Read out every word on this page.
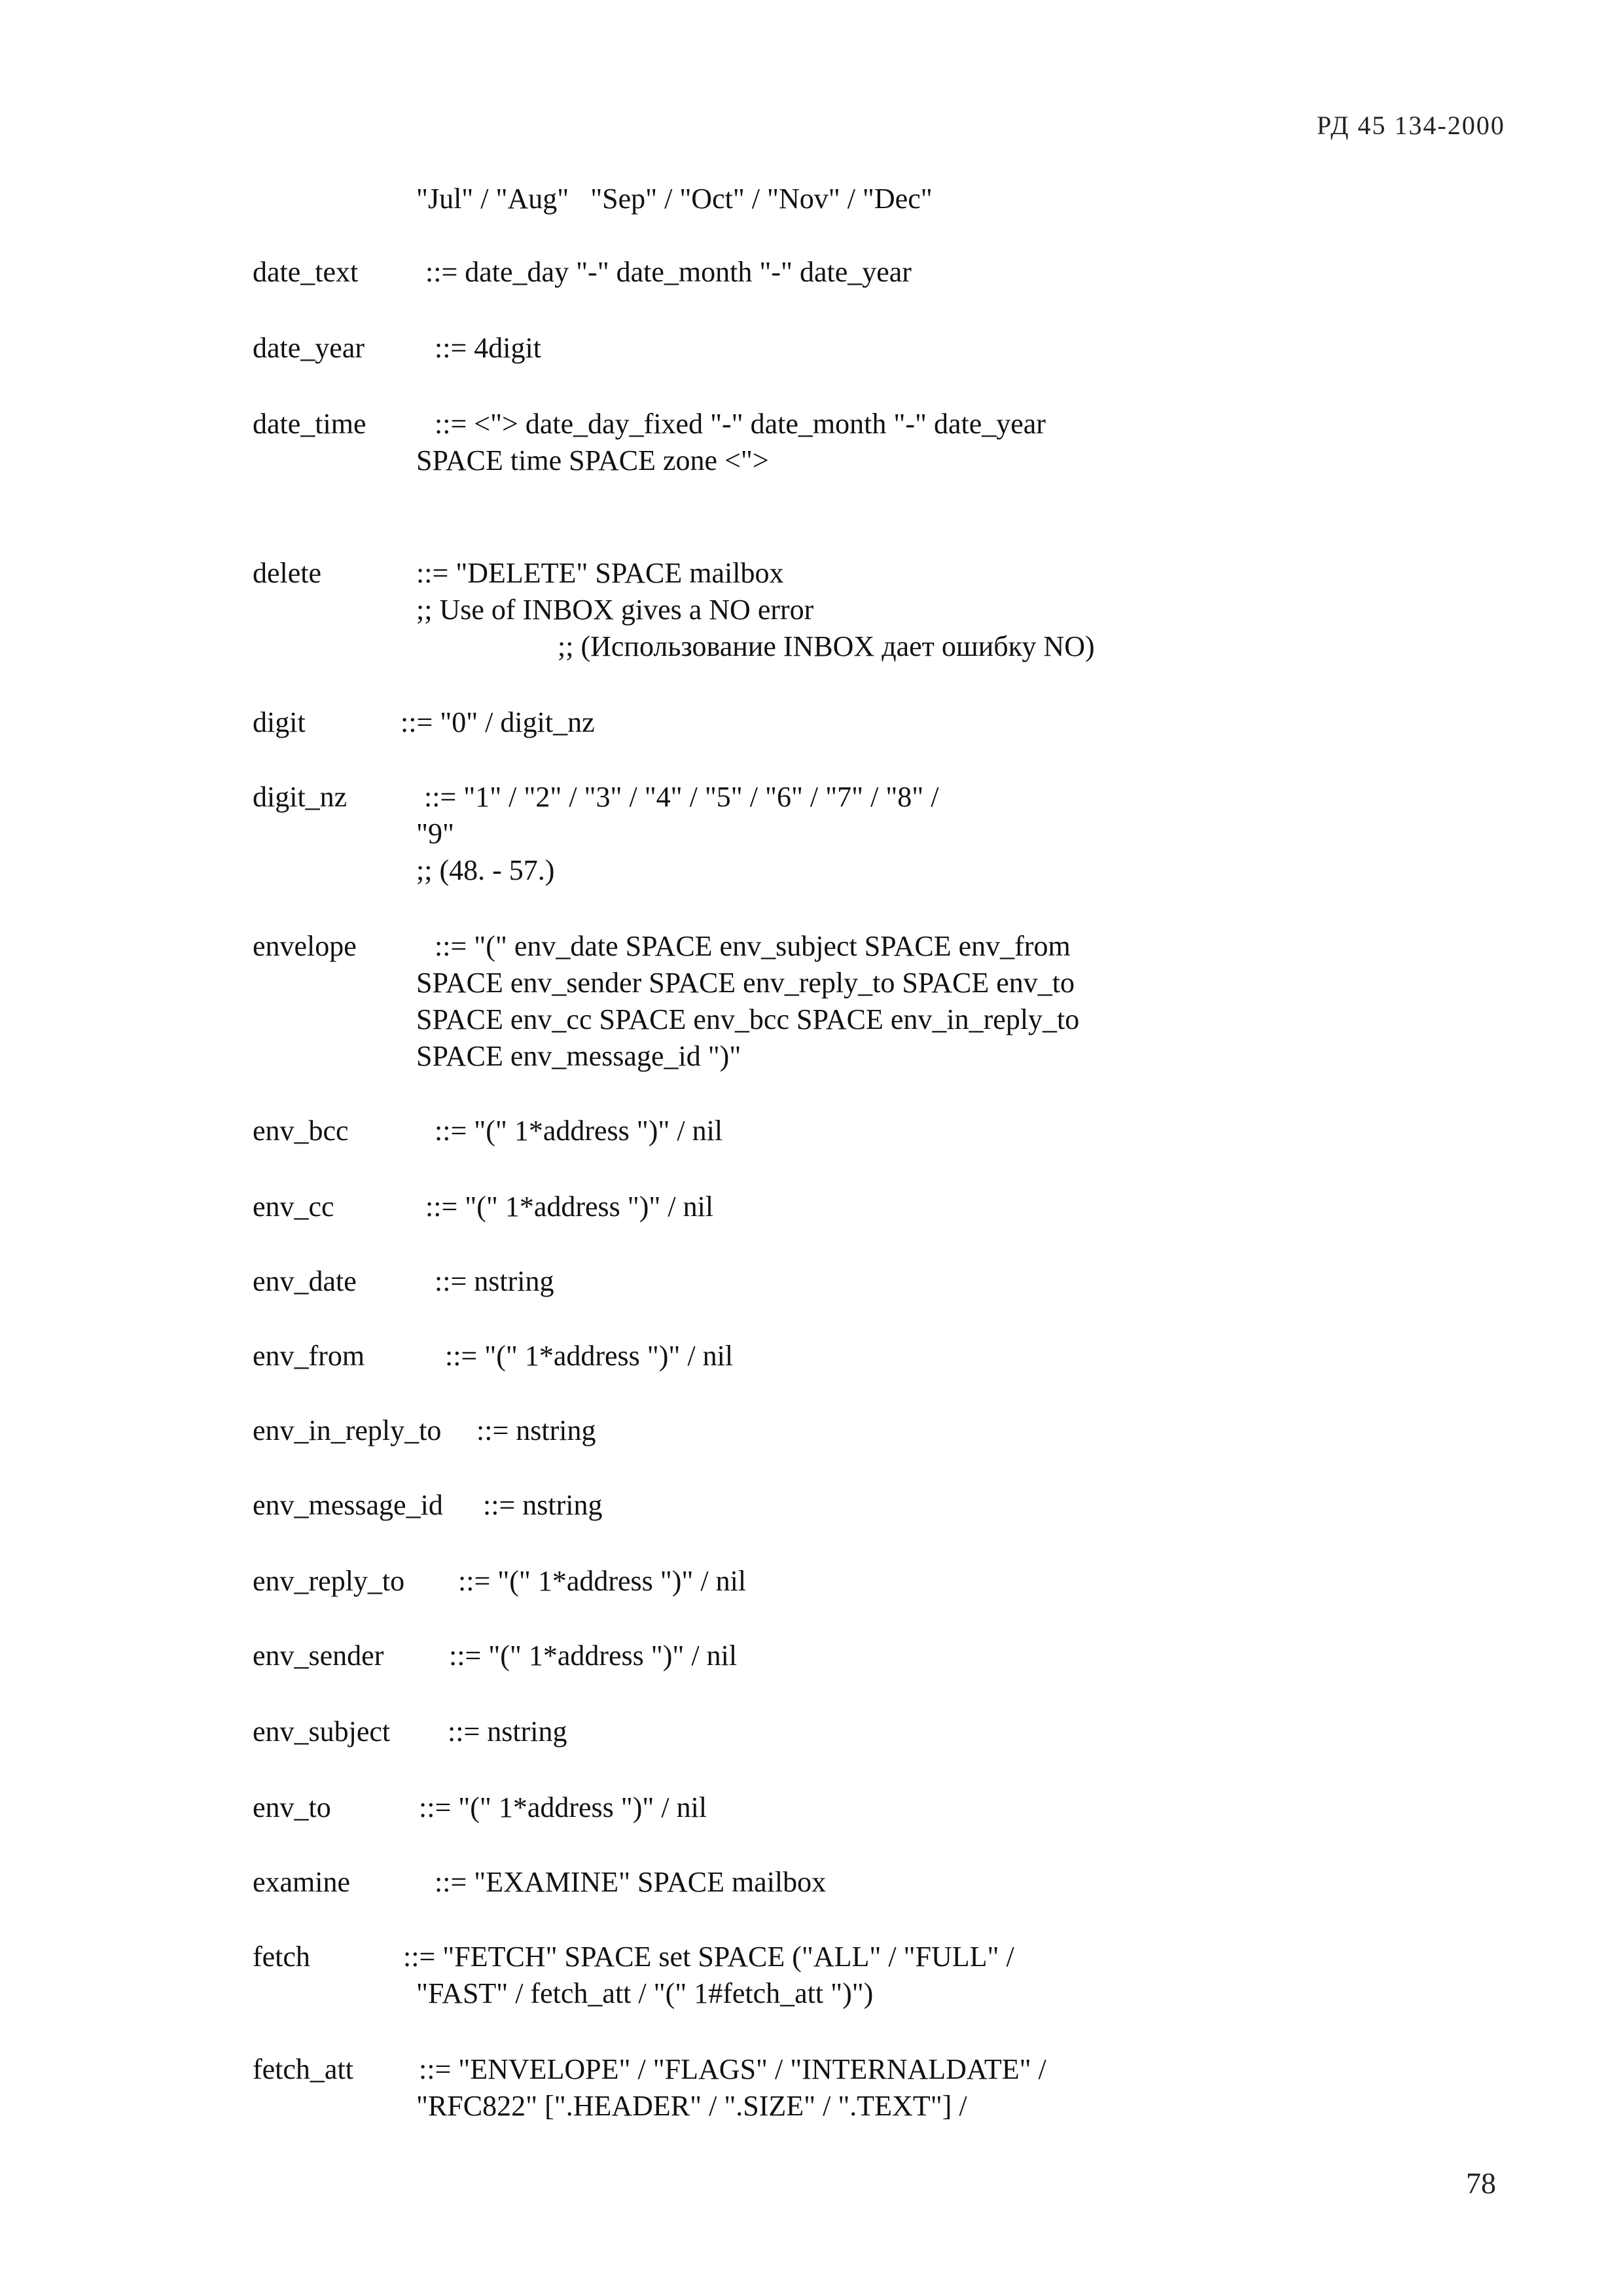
РД 45 134-2000
"Jul" / "Aug"   "Sep" / "Oct" / "Nov" / "Dec"
date_text ::= date_day "-" date_month "-" date_year
date_year ::= 4digit
date_time ::= <"> date_day_fixed "-" date_month "-" date_year
SPACE time SPACE zone <">
delete	::= "DELETE" SPACE mailbox
;; Use of INBOX gives a NO error
;; (Использование INBOX дает ошибку NO)
digit	::= "0" / digit_nz
digit_nz	::= "1" / "2" / "3" / "4" / "5" / "6" / "7" / "8" /
"9"
;; (48. - 57.)
envelope	::= "(" env_date SPACE env_subject SPACE env_from
SPACE env_sender SPACE env_reply_to SPACE env_to
SPACE env_cc SPACE env_bcc SPACE env_in_reply_to
SPACE env_message_id ")"
env_bcc	::= "(" 1*address ")" / nil
env_cc	::= "(" 1*address ")" / nil
env_date	::= nstring
env_from	::= "(" 1*address ")" / nil
env_in_reply_to ::= nstring
env_message_id ::= nstring
env_reply_to ::= "(" 1*address ")" / nil
env_sender ::= "(" 1*address ")" / nil
env_subject ::= nstring
env_to	::= "(" 1*address ")" / nil
examine	::= "EXAMINE" SPACE mailbox
fetch	::= "FETCH" SPACE set SPACE ("ALL" / "FULL" /
"FAST" / fetch_att / "(" 1#fetch_att ")")
fetch_att ::= "ENVELOPE" / "FLAGS" / "INTERNALDATE" /
"RFC822" [".HEADER" / ".SIZE" / ".TEXT"] /
78
